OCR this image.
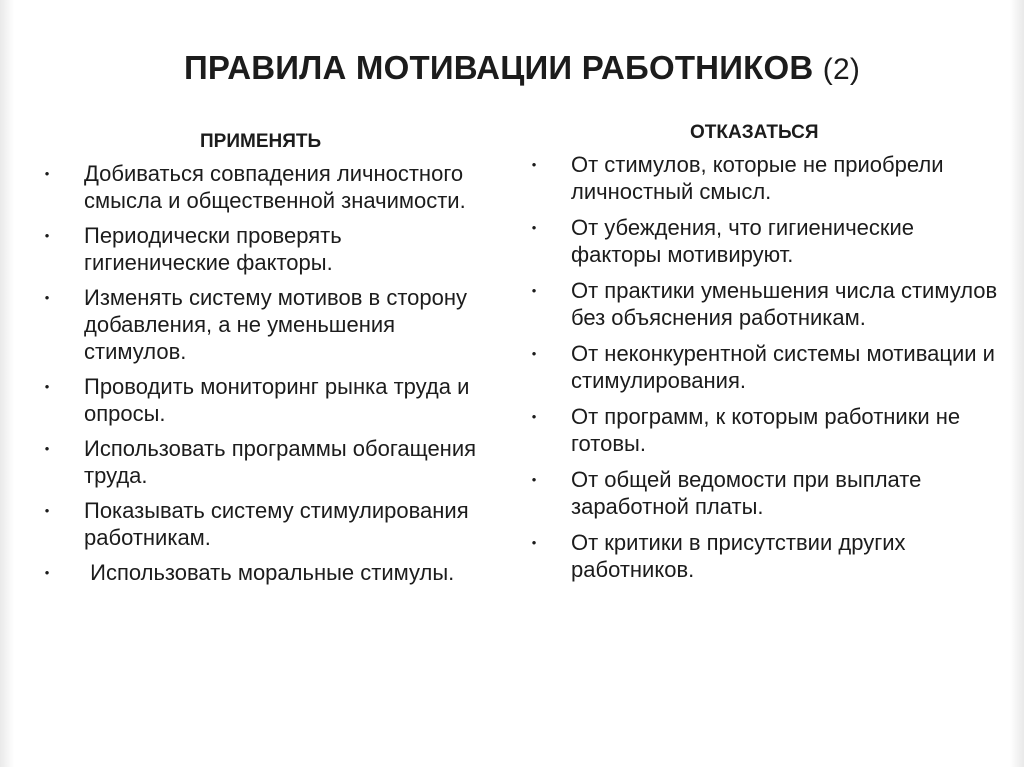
ПРАВИЛА МОТИВАЦИИ РАБОТНИКОВ (2)
ПРИМЕНЯТЬ	ОТКАЗАТЬСЯ
• Добиваться совпадения личностного смысла и общественной значимости.
• Периодически проверять гигиенические факторы.
• Изменять систему мотивов в сторону добавления, а не уменьшения стимулов.
• Проводить мониторинг рынка труда и опросы.
• Использовать программы обогащения труда.
• Показывать систему стимулирования работникам.
• Использовать моральные стимулы.
• От стимулов, которые не приобрели личностный смысл.
• От убеждения, что гигиенические факторы мотивируют.
• От практики уменьшения числа стимулов без объяснения работникам.
• От неконкурентной системы мотивации и стимулирования.
• От программ, к которым работники не готовы.
• От общей ведомости при выплате заработной платы.
• От критики в присутствии других работников.
